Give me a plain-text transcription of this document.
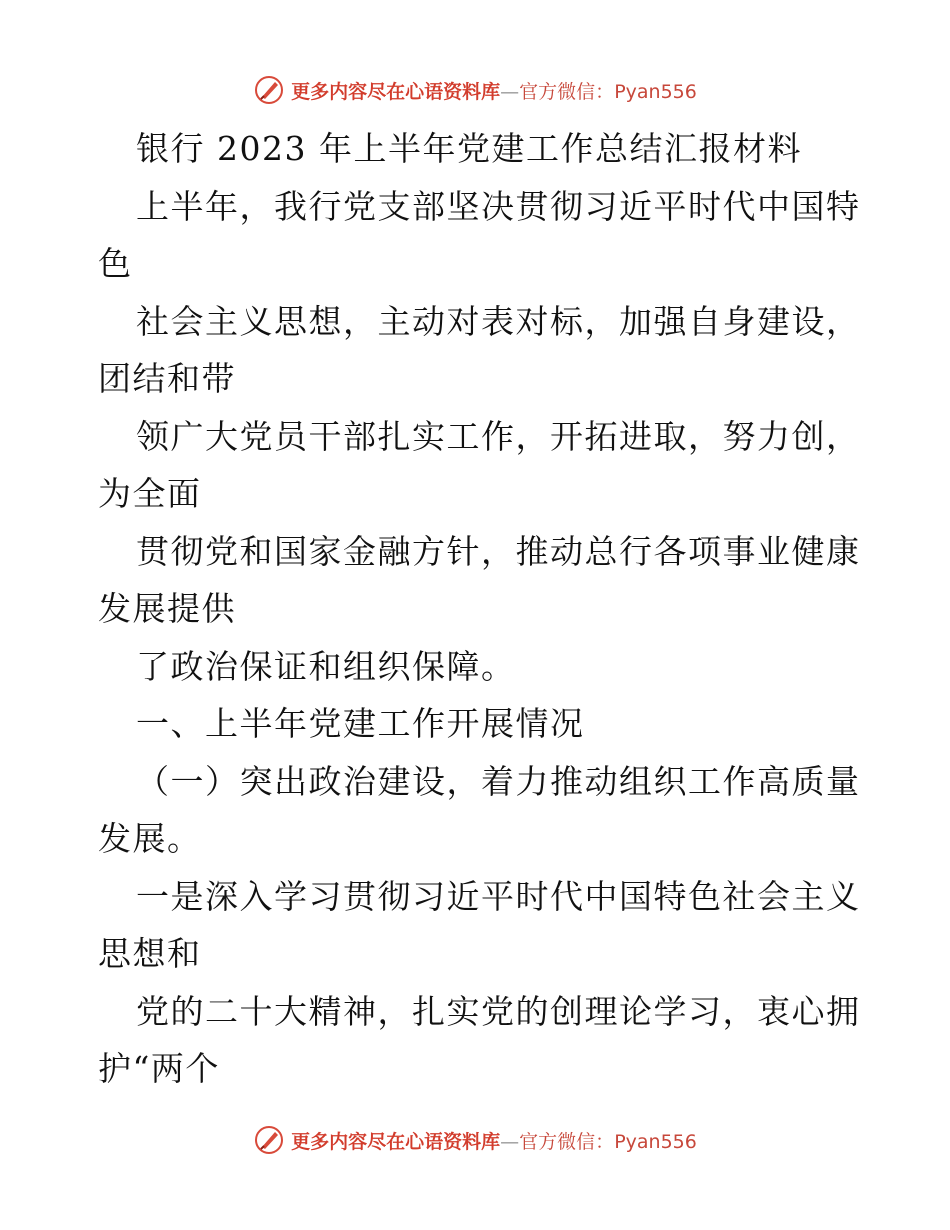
更多内容尽在心语资料库—官方微信：Pyan556
银行 2023 年上半年党建工作总结汇报材料
上半年，我行党支部坚决贯彻习近平时代中国特
色
社会主义思想，主动对表对标，加强自身建设，
团结和带
领广大党员干部扎实工作，开拓进取，努力创，
为全面
贯彻党和国家金融方针，推动总行各项事业健康
发展提供
了政治保证和组织保障。
一、上半年党建工作开展情况
（一）突出政治建设，着力推动组织工作高质量
发展。
一是深入学习贯彻习近平时代中国特色社会主义
思想和
党的二十大精神，扎实党的创理论学习，衷心拥
护“两个
更多内容尽在心语资料库—官方微信：Pyan556
